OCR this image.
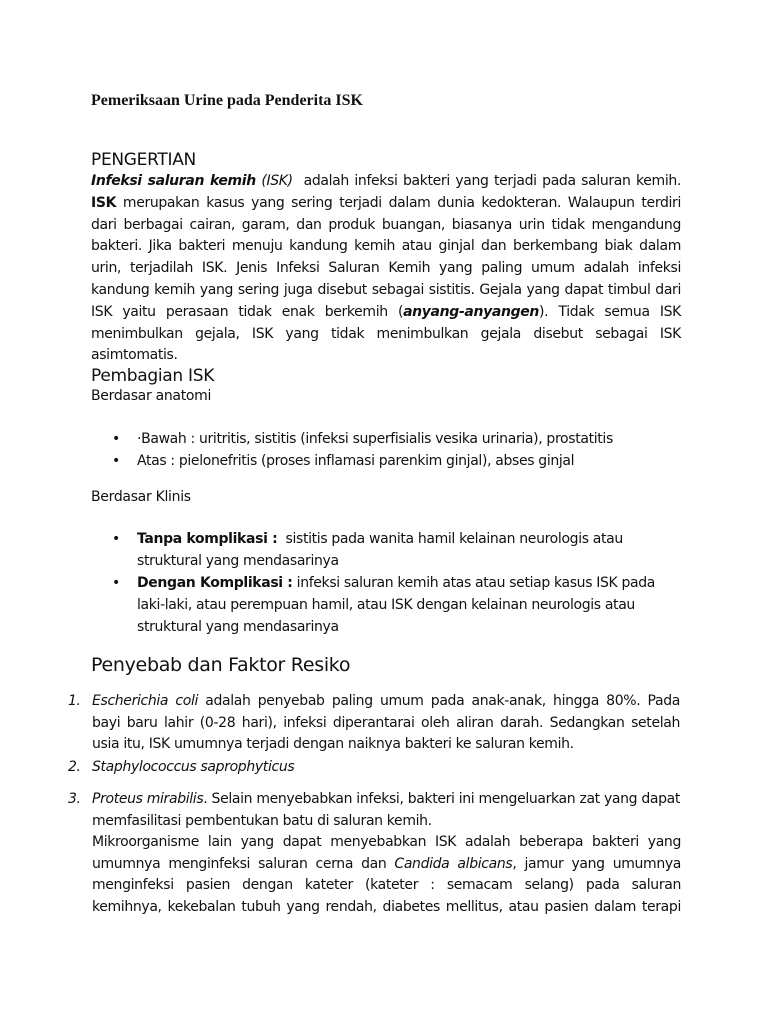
Pemeriksaan Urine pada Penderita ISK
PENGERTIAN
Infeksi saluran kemih (ISK) adalah infeksi bakteri yang terjadi pada saluran kemih. ISK merupakan kasus yang sering terjadi dalam dunia kedokteran. Walaupun terdiri dari berbagai cairan, garam, dan produk buangan, biasanya urin tidak mengandung bakteri. Jika bakteri menuju kandung kemih atau ginjal dan berkembang biak dalam urin, terjadilah ISK. Jenis Infeksi Saluran Kemih yang paling umum adalah infeksi kandung kemih yang sering juga disebut sebagai sistitis. Gejala yang dapat timbul dari ISK yaitu perasaan tidak enak berkemih (anyang-anyangen). Tidak semua ISK menimbulkan gejala, ISK yang tidak menimbulkan gejala disebut sebagai ISK asimtomatis.
Pembagian ISK
Berdasar anatomi
• ·Bawah : uritritis, sistitis (infeksi superfisialis vesika urinaria), prostatitis
• Atas : pielonefritis (proses inflamasi parenkim ginjal), abses ginjal
Berdasar Klinis
• Tanpa komplikasi : sistitis pada wanita hamil kelainan neurologis atau struktural yang mendasarinya
• Dengan Komplikasi : infeksi saluran kemih atas atau setiap kasus ISK pada laki-laki, atau perempuan hamil, atau ISK dengan kelainan neurologis atau struktural yang mendasarinya
Penyebab dan Faktor Resiko
1. Escherichia coli adalah penyebab paling umum pada anak-anak, hingga 80%. Pada bayi baru lahir (0-28 hari), infeksi diperantarai oleh aliran darah. Sedangkan setelah usia itu, ISK umumnya terjadi dengan naiknya bakteri ke saluran kemih.
2. Staphylococcus saprophyticus
3. Proteus mirabilis. Selain menyebabkan infeksi, bakteri ini mengeluarkan zat yang dapat memfasilitasi pembentukan batu di saluran kemih.
Mikroorganisme lain yang dapat menyebabkan ISK adalah beberapa bakteri yang umumnya menginfeksi saluran cerna dan Candida albicans, jamur yang umumnya menginfeksi pasien dengan kateter (kateter : semacam selang) pada saluran kemihnya, kekebalan tubuh yang rendah, diabetes mellitus, atau pasien dalam terapi
